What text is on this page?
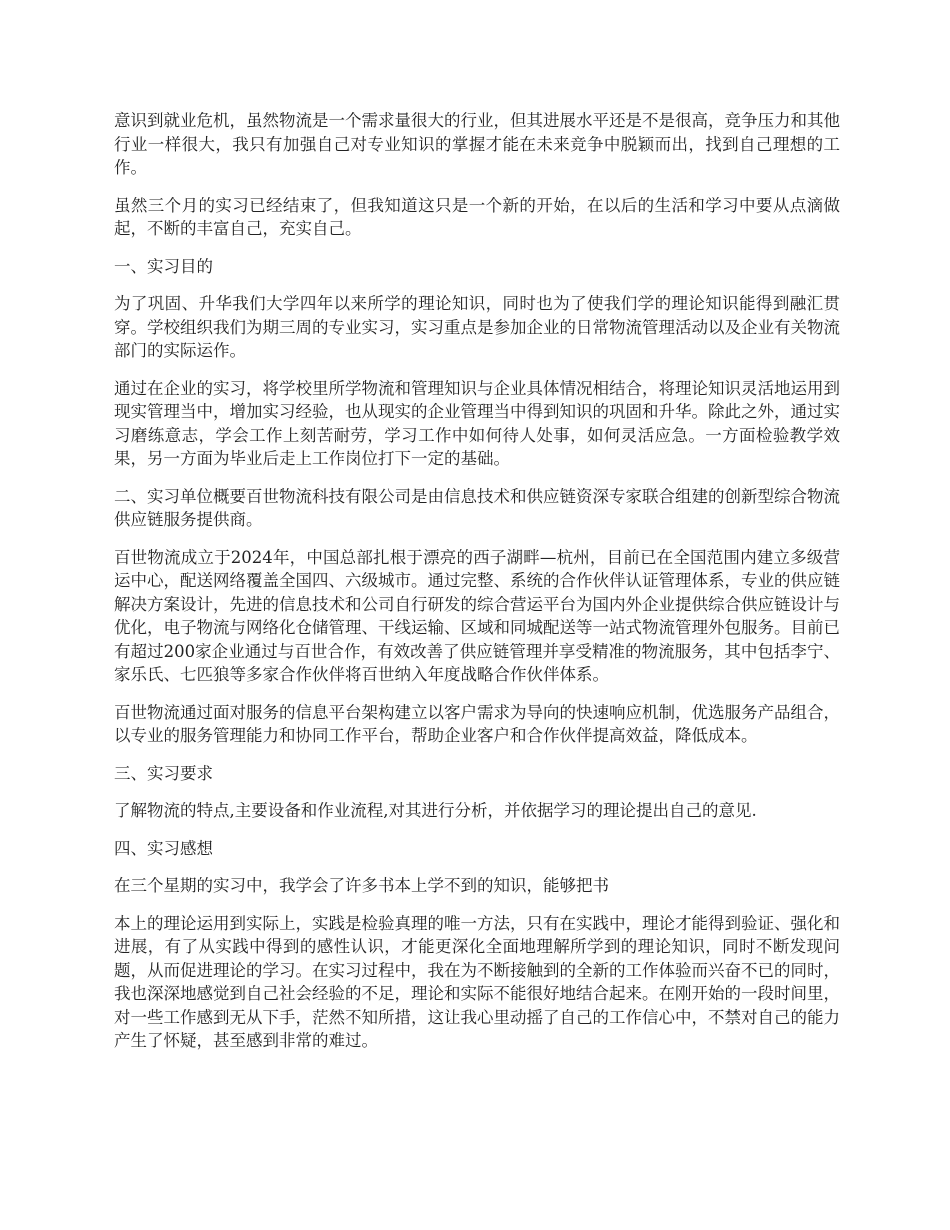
意识到就业危机，虽然物流是一个需求量很大的行业，但其进展水平还是不是很高，竞争压力和其他行业一样很大，我只有加强自己对专业知识的掌握才能在未来竞争中脱颖而出，找到自己理想的工作。

虽然三个月的实习已经结束了，但我知道这只是一个新的开始，在以后的生活和学习中要从点滴做起，不断的丰富自己，充实自己。

一、实习目的

为了巩固、升华我们大学四年以来所学的理论知识，同时也为了使我们学的理论知识能得到融汇贯穿。学校组织我们为期三周的专业实习，实习重点是参加企业的日常物流管理活动以及企业有关物流部门的实际运作。

通过在企业的实习，将学校里所学物流和管理知识与企业具体情况相结合，将理论知识灵活地运用到现实管理当中，增加实习经验，也从现实的企业管理当中得到知识的巩固和升华。除此之外，通过实习磨练意志，学会工作上刻苦耐劳，学习工作中如何待人处事，如何灵活应急。一方面检验教学效果，另一方面为毕业后走上工作岗位打下一定的基础。

二、实习单位概要百世物流科技有限公司是由信息技术和供应链资深专家联合组建的创新型综合物流供应链服务提供商。

百世物流成立于2024年，中国总部扎根于漂亮的西子湖畔—杭州，目前已在全国范围内建立多级营运中心，配送网络覆盖全国四、六级城市。通过完整、系统的合作伙伴认证管理体系，专业的供应链解决方案设计，先进的信息技术和公司自行研发的综合营运平台为国内外企业提供综合供应链设计与优化，电子物流与网络化仓储管理、干线运输、区域和同城配送等一站式物流管理外包服务。目前已有超过200家企业通过与百世合作，有效改善了供应链管理并享受精准的物流服务，其中包括李宁、家乐氏、七匹狼等多家合作伙伴将百世纳入年度战略合作伙伴体系。

百世物流通过面对服务的信息平台架构建立以客户需求为导向的快速响应机制，优选服务产品组合，以专业的服务管理能力和协同工作平台，帮助企业客户和合作伙伴提高效益，降低成本。

三、实习要求

了解物流的特点,主要设备和作业流程,对其进行分析，并依据学习的理论提出自己的意见.

四、实习感想

在三个星期的实习中，我学会了许多书本上学不到的知识，能够把书

本上的理论运用到实际上，实践是检验真理的唯一方法，只有在实践中，理论才能得到验证、强化和进展，有了从实践中得到的感性认识，才能更深化全面地理解所学到的理论知识，同时不断发现问题，从而促进理论的学习。在实习过程中，我在为不断接触到的全新的工作体验而兴奋不已的同时，我也深深地感觉到自己社会经验的不足，理论和实际不能很好地结合起来。在刚开始的一段时间里，对一些工作感到无从下手，茫然不知所措，这让我心里动摇了自己的工作信心中，不禁对自己的能力产生了怀疑，甚至感到非常的难过。
